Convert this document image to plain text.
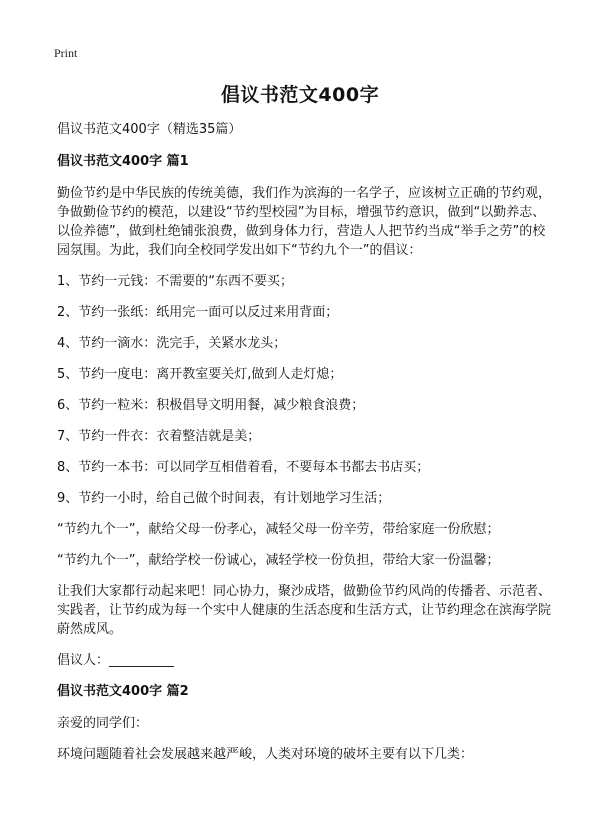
Print
倡议书范文400字
倡议书范文400字（精选35篇）
倡议书范文400字 篇1
勤俭节约是中华民族的传统美德，我们作为滨海的一名学子，应该树立正确的节约观，争做勤俭节约的模范，以建设“节约型校园”为目标，增强节约意识，做到“以勤养志、以俭养德”，做到杜绝铺张浪费，做到身体力行，营造人人把节约当成“举手之劳”的校园氛围。为此，我们向全校同学发出如下“节约九个一”的倡议：
1、节约一元钱：不需要的“东西不要买；
2、节约一张纸：纸用完一面可以反过来用背面；
4、节约一滴水：洗完手，关紧水龙头；
5、节约一度电：离开教室要关灯,做到人走灯熄；
6、节约一粒米：积极倡导文明用餐，减少粮食浪费；
7、节约一件衣：衣着整洁就是美；
8、节约一本书：可以同学互相借着看，不要每本书都去书店买；
9、节约一小时，给自己做个时间表，有计划地学习生活；
“节约九个一”，献给父母一份孝心，减轻父母一份辛劳，带给家庭一份欣慰；
“节约九个一”，献给学校一份诚心，减轻学校一份负担，带给大家一份温馨；
让我们大家都行动起来吧！同心协力，聚沙成塔，做勤俭节约风尚的传播者、示范者、实践者，让节约成为每一个实中人健康的生活态度和生活方式，让节约理念在滨海学院蔚然成风。
倡议人：__________
倡议书范文400字 篇2
亲爱的同学们：
环境问题随着社会发展越来越严峻，人类对环境的破坏主要有以下几类：
